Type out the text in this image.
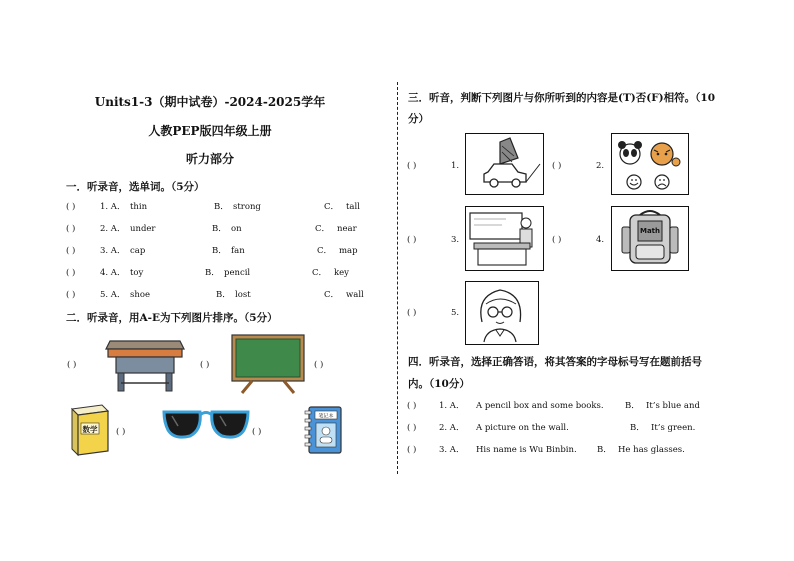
Units1-3（期中试卷）-2024-2025学年
人教PEP版四年级上册
听力部分
一．听录音，选单词。（5分）
( )	1. A． thin	B． strong	C． tall
( )	2. A． under	B． on	C． near
( )	3. A． cap	B． fan	C． map
( )	4. A． toy	B． pencil	C． key
( )	5. A． shoe	B． lost	C． wall
二．听录音，用A-E为下列图片排序。（5分）
( )	( )	( )
数学 ( )	( )
笔记本
三．听音，判断下列图片与你所听到的内容是(T)否(F)相符。（10
分）
( )	1.	( )	2.
( )	3.	( )	4.
Math
( )	5.
四．听录音，选择正确答语，将其答案的字母标号写在题前括号
内。（10分）
( )	1. A． A pencil box and some books.	B． It’s blue and
( )	2. A． A picture on the wall.	B． It’s green.
( )	3. A． His name is Wu Binbin. B． He has glasses.
